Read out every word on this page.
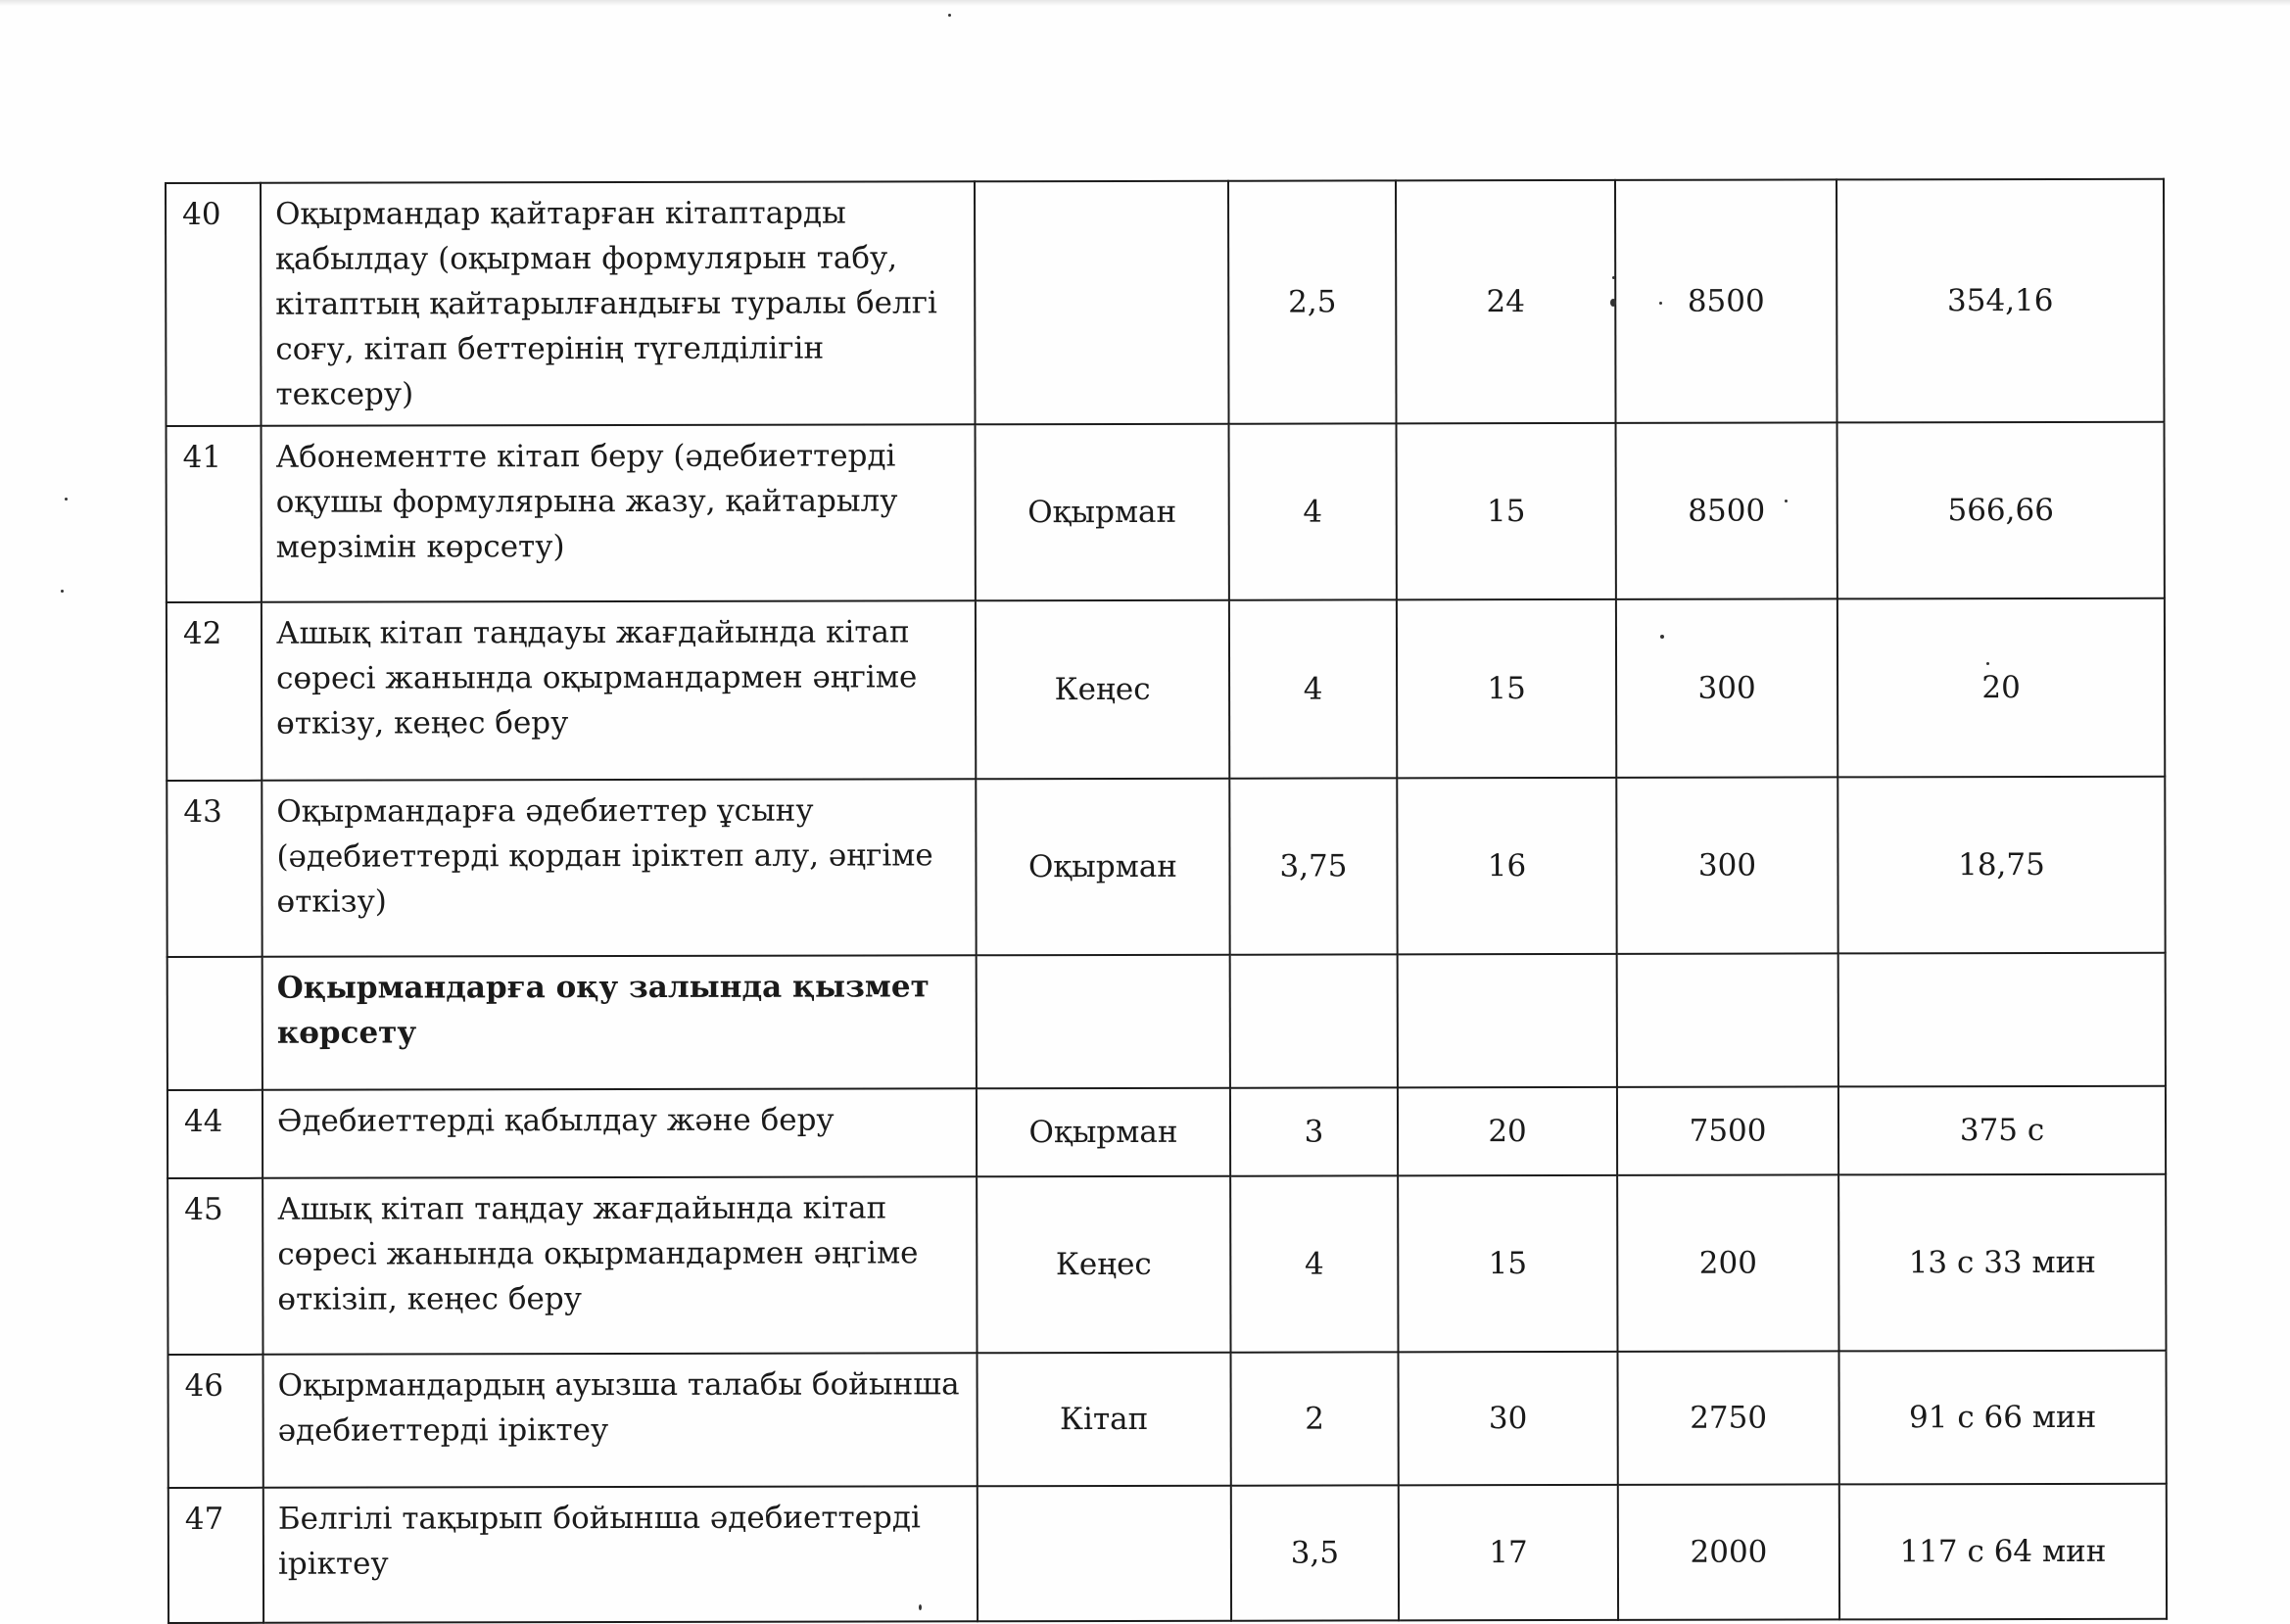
40	Оқырмандар қайтарған кітаптарды қабылдау (оқырман формулярын табу, кітаптың қайтарылғандығы туралы белгі соғу, кітап беттерінің түгелділігін тексеру)		2,5	24	8500	354,16
41	Абонементте кітап беру (әдебиеттерді оқушы формулярына жазу, қайтарылу мерзімін көрсету)	Оқырман	4	15	8500	566,66
42	Ашық кітап таңдауы жағдайында кітап сөресі жанында оқырмандармен әңгіме өткізу, кеңес беру	Кеңес	4	15	300	20
43	Оқырмандарға әдебиеттер ұсыну (әдебиеттерді қордан іріктеп алу, әңгіме өткізу)	Оқырман	3,75	16	300	18,75
	Оқырмандарға оқу залында қызмет көрсету					
44	Әдебиеттерді қабылдау және беру	Оқырман	3	20	7500	375 с
45	Ашық кітап таңдау жағдайында кітап сөресі жанында оқырмандармен әңгіме өткізіп, кеңес беру	Кеңес	4	15	200	13 с 33 мин
46	Оқырмандардың ауызша талабы бойынша әдебиеттерді іріктеу	Кітап	2	30	2750	91 с 66 мин
47	Белгілі тақырып бойынша әдебиеттерді іріктеу		3,5	17	2000	117 с 64 мин
